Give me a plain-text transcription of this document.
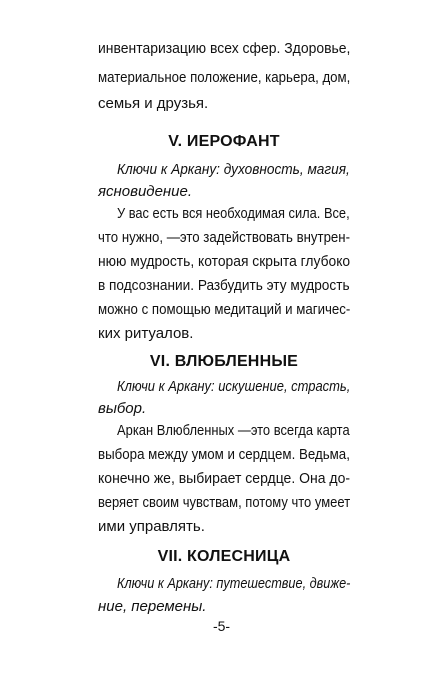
инвентаризацию всех сфер. Здоровье,
материальное положение, карьера, дом,
семья и друзья.
V. ИЕРОФАНТ
Ключи к Аркану: духовность, магия,
ясновидение.
У вас есть вся необходимая сила. Все,
что нужно, —это задействовать внутрен-
нюю мудрость, которая скрыта глубоко
в подсознании. Разбудить эту мудрость
можно с помощью медитаций и магичес-
ких ритуалов.
VI. ВЛЮБЛЕННЫЕ
Ключи к Аркану: искушение, страсть,
выбор.
Аркан Влюбленных —это всегда карта
выбора между умом и сердцем. Ведьма,
конечно же, выбирает сердце. Она до-
веряет своим чувствам, потому что умеет
ими управлять.
VII. КОЛЕСНИЦА
Ключи к Аркану: путешествие, движе-
ние, перемены.
-5-
